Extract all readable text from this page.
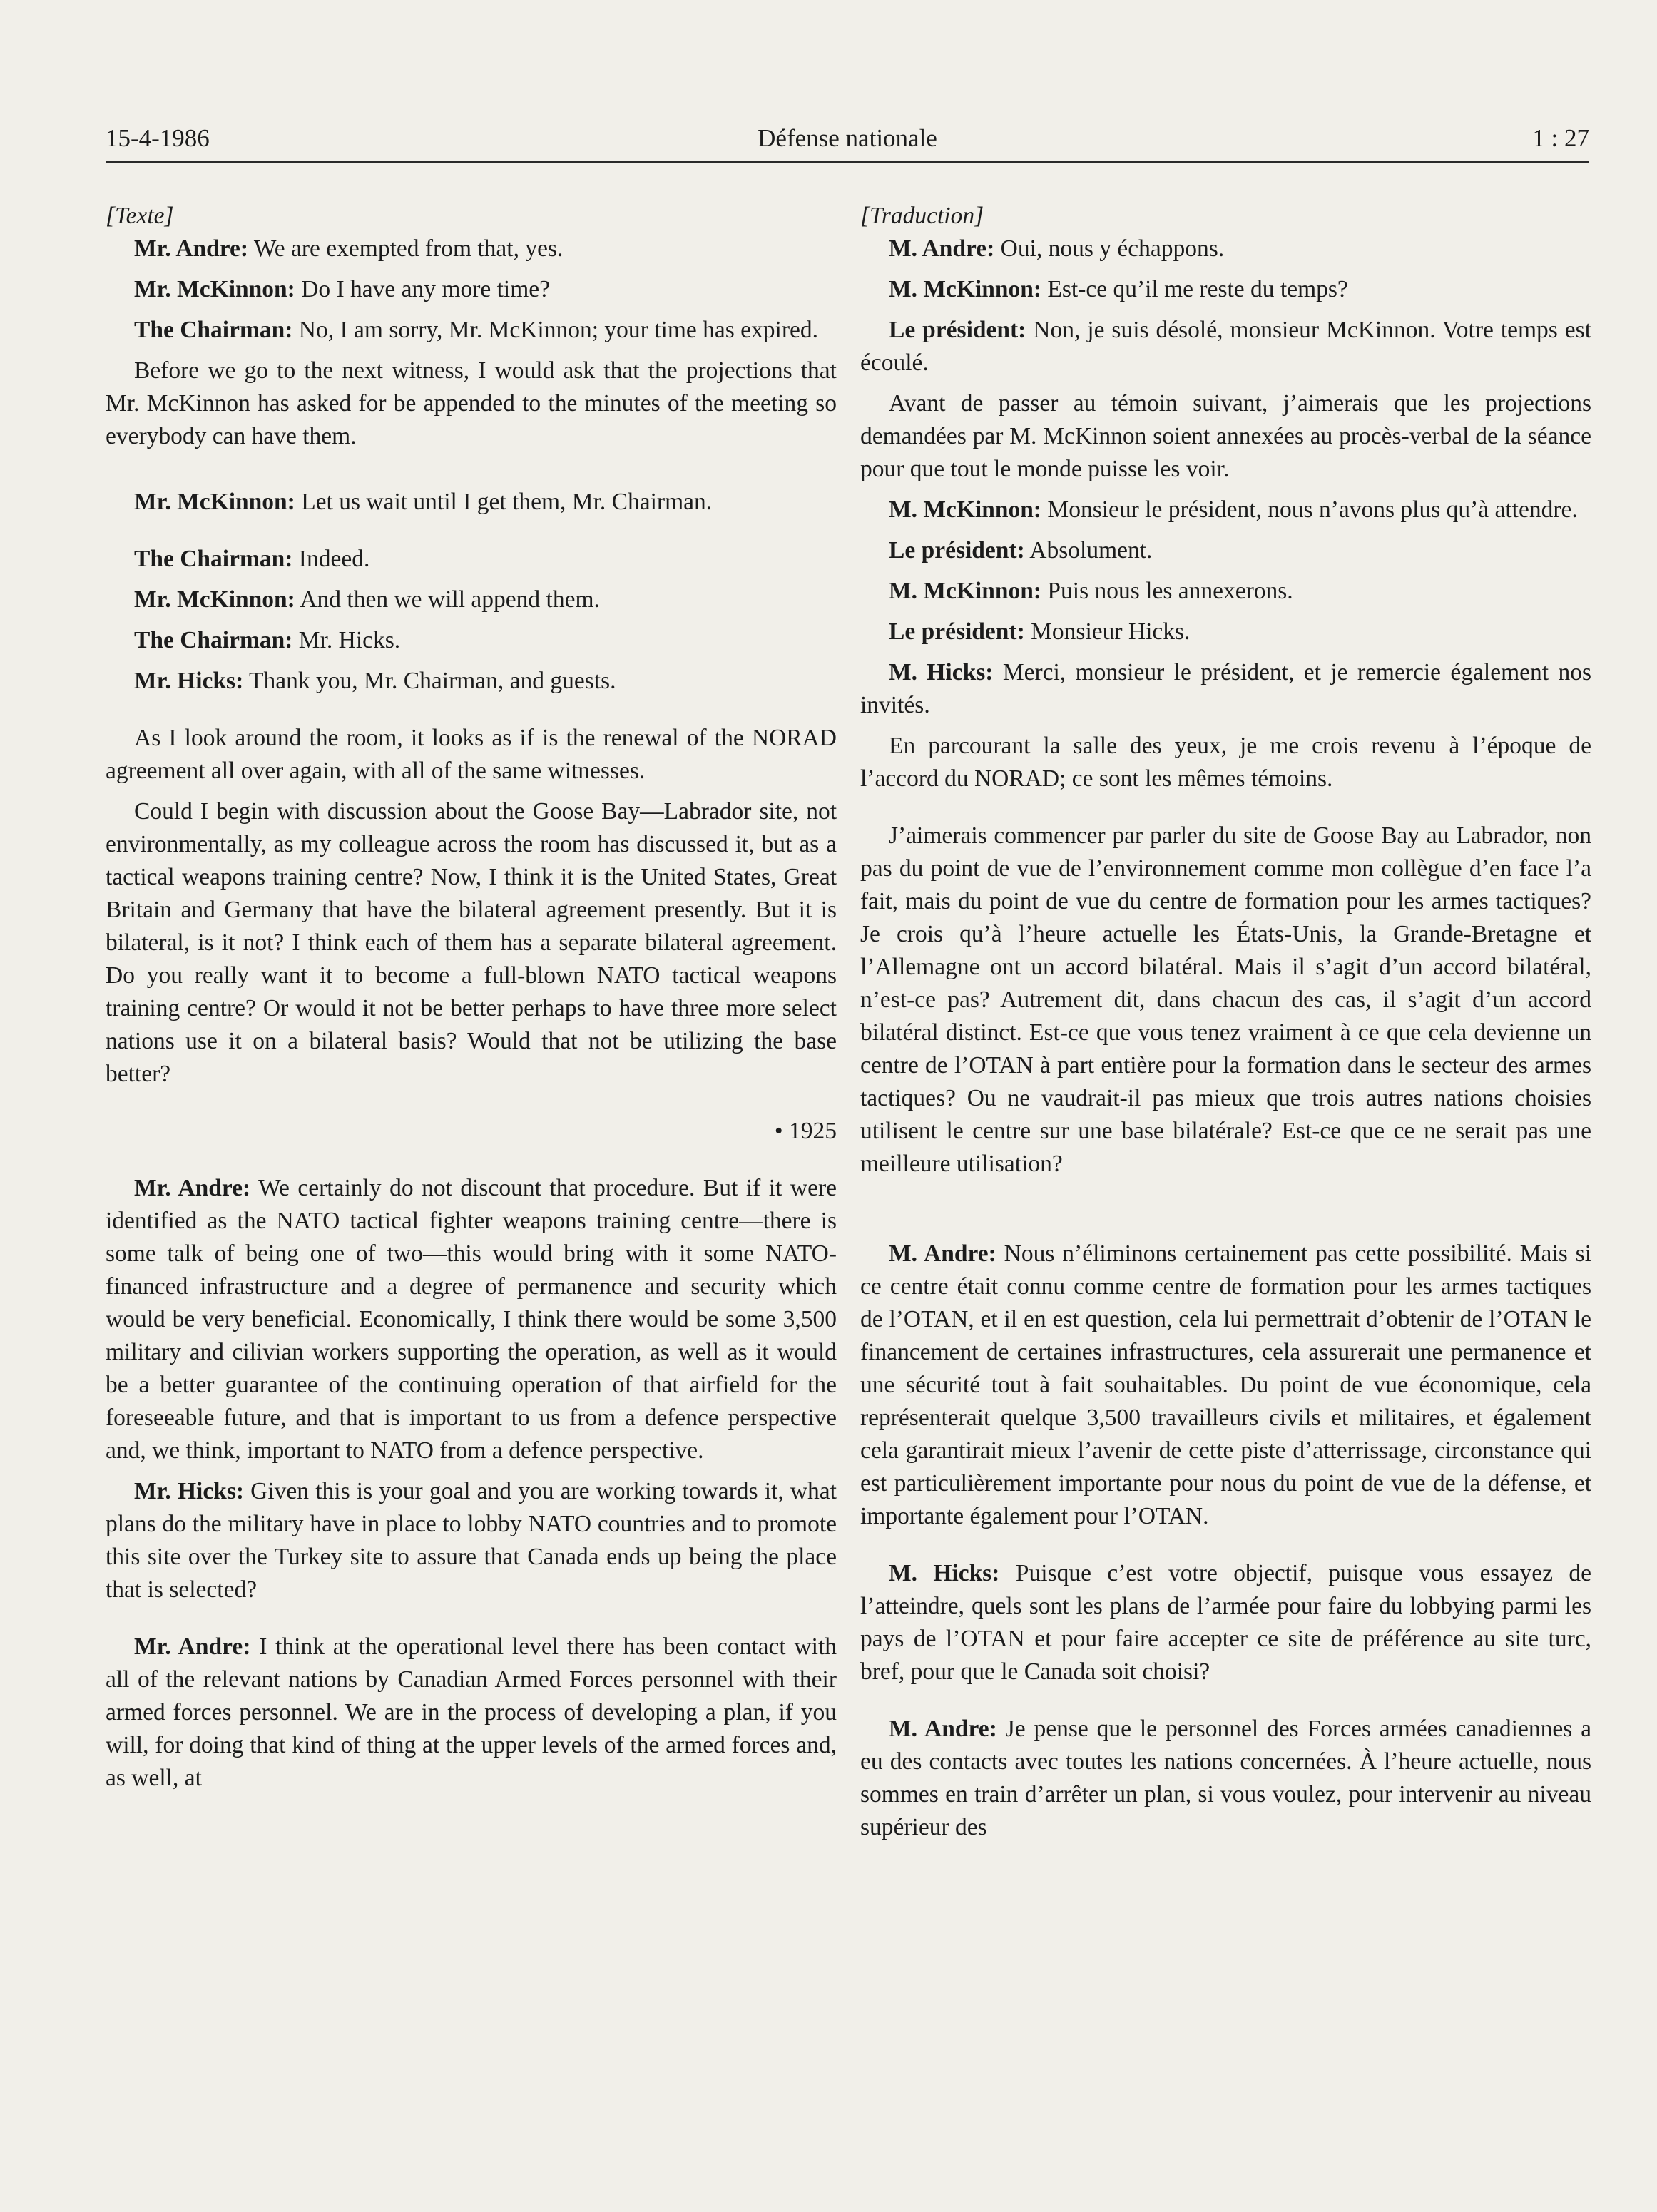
15-4-1986	Défense nationale	1 : 27
[Texte]

Mr. Andre: We are exempted from that, yes.

Mr. McKinnon: Do I have any more time?

The Chairman: No, I am sorry, Mr. McKinnon; your time has expired.

Before we go to the next witness, I would ask that the projections that Mr. McKinnon has asked for be appended to the minutes of the meeting so everybody can have them.

Mr. McKinnon: Let us wait until I get them, Mr. Chairman.

The Chairman: Indeed.

Mr. McKinnon: And then we will append them.

The Chairman: Mr. Hicks.

Mr. Hicks: Thank you, Mr. Chairman, and guests.

As I look around the room, it looks as if is the renewal of the NORAD agreement all over again, with all of the same witnesses.

Could I begin with discussion about the Goose Bay—Labrador site, not environmentally, as my colleague across the room has discussed it, but as a tactical weapons training centre? Now, I think it is the United States, Great Britain and Germany that have the bilateral agreement presently. But it is bilateral, is it not? I think each of them has a separate bilateral agreement. Do you really want it to become a full-blown NATO tactical weapons training centre? Or would it not be better perhaps to have three more select nations use it on a bilateral basis? Would that not be utilizing the base better?

• 1925

Mr. Andre: We certainly do not discount that procedure. But if it were identified as the NATO tactical fighter weapons training centre—there is some talk of being one of two—this would bring with it some NATO-financed infrastructure and a degree of permanence and security which would be very beneficial. Economically, I think there would be some 3,500 military and cilivian workers supporting the operation, as well as it would be a better guarantee of the continuing operation of that airfield for the foreseeable future, and that is important to us from a defence perspective and, we think, important to NATO from a defence perspective.

Mr. Hicks: Given this is your goal and you are working towards it, what plans do the military have in place to lobby NATO countries and to promote this site over the Turkey site to assure that Canada ends up being the place that is selected?

Mr. Andre: I think at the operational level there has been contact with all of the relevant nations by Canadian Armed Forces personnel with their armed forces personnel. We are in the process of developing a plan, if you will, for doing that kind of thing at the upper levels of the armed forces and, as well, at

[Traduction]

M. Andre: Oui, nous y échappons.

M. McKinnon: Est-ce qu’il me reste du temps?

Le président: Non, je suis désolé, monsieur McKinnon. Votre temps est écoulé.

Avant de passer au témoin suivant, j’aimerais que les projections demandées par M. McKinnon soient annexées au procès-verbal de la séance pour que tout le monde puisse les voir.

M. McKinnon: Monsieur le président, nous n’avons plus qu’à attendre.

Le président: Absolument.

M. McKinnon: Puis nous les annexerons.

Le président: Monsieur Hicks.

M. Hicks: Merci, monsieur le président, et je remercie également nos invités.

En parcourant la salle des yeux, je me crois revenu à l’époque de l’accord du NORAD; ce sont les mêmes témoins.

J’aimerais commencer par parler du site de Goose Bay au Labrador, non pas du point de vue de l’environnement comme mon collègue d’en face l’a fait, mais du point de vue du centre de formation pour les armes tactiques? Je crois qu’à l’heure actuelle les États-Unis, la Grande-Bretagne et l’Allemagne ont un accord bilatéral. Mais il s’agit d’un accord bilatéral, n’est-ce pas? Autrement dit, dans chacun des cas, il s’agit d’un accord bilatéral distinct. Est-ce que vous tenez vraiment à ce que cela devienne un centre de l’OTAN à part entière pour la formation dans le secteur des armes tactiques? Ou ne vaudrait-il pas mieux que trois autres nations choisies utilisent le centre sur une base bilatérale? Est-ce que ce ne serait pas une meilleure utilisation?

M. Andre: Nous n’éliminons certainement pas cette possibilité. Mais si ce centre était connu comme centre de formation pour les armes tactiques de l’OTAN, et il en est question, cela lui permettrait d’obtenir de l’OTAN le financement de certaines infrastructures, cela assurerait une permanence et une sécurité tout à fait souhaitables. Du point de vue économique, cela représenterait quelque 3,500 travailleurs civils et militaires, et également cela garantirait mieux l’avenir de cette piste d’atterrissage, circonstance qui est particulièrement importante pour nous du point de vue de la défense, et importante également pour l’OTAN.

M. Hicks: Puisque c’est votre objectif, puisque vous essayez de l’atteindre, quels sont les plans de l’armée pour faire du lobbying parmi les pays de l’OTAN et pour faire accepter ce site de préférence au site turc, bref, pour que le Canada soit choisi?

M. Andre: Je pense que le personnel des Forces armées canadiennes a eu des contacts avec toutes les nations concernées. À l’heure actuelle, nous sommes en train d’arrêter un plan, si vous voulez, pour intervenir au niveau supérieur des
